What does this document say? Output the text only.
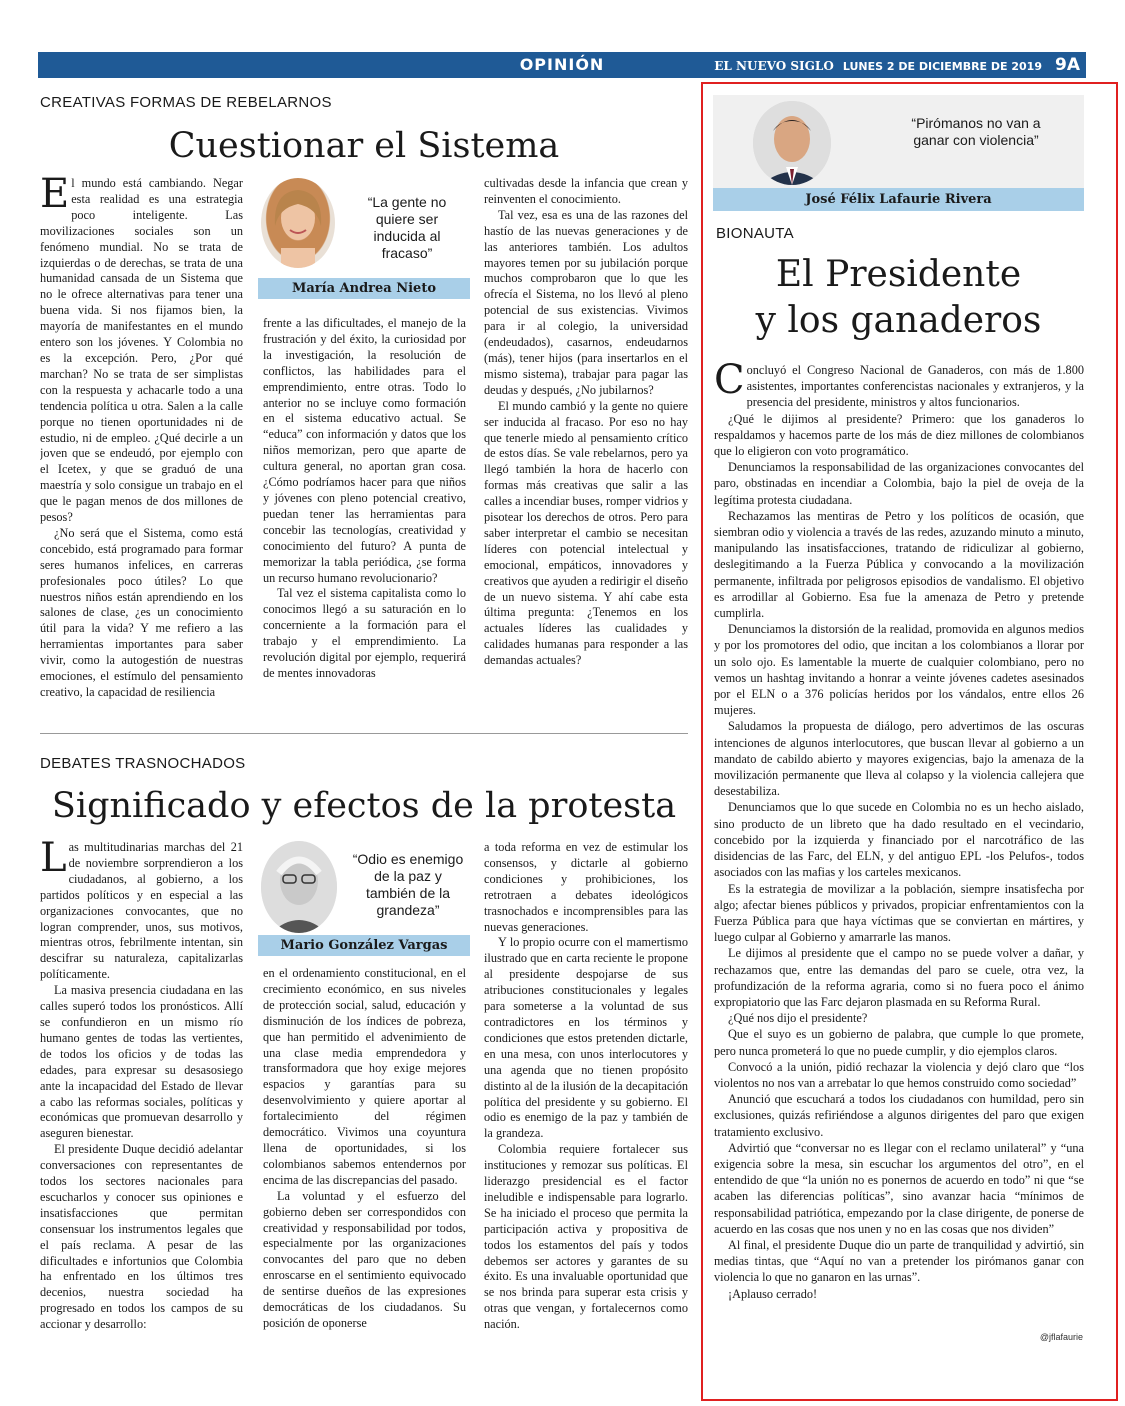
OPINIÓN	EL NUEVO SIGLO LUNES 2 DE DICIEMBRE DE 2019 9A
CREATIVAS FORMAS DE REBELARNOS
Cuestionar el Sistema
E l mundo está cambiando. Negar esta realidad es una estrategia poco inteligente. Las movilizaciones sociales son un fenómeno mundial. No se trata de izquierdas o de derechas, se trata de una humanidad cansada de un Sistema que no le ofrece alternativas para tener una buena vida. Si nos fijamos bien, la mayoría de manifestantes en el mundo entero son los jóvenes. Y Colombia no es la excepción. Pero, ¿Por qué marchan? No se trata de ser simplistas con la respuesta y achacarle todo a una tendencia política u otra. Salen a la calle porque no tienen oportunidades ni de estudio, ni de empleo. ¿Qué decirle a un joven que se endeudó, por ejemplo con el Icetex, y que se graduó de una maestría y solo consigue un trabajo en el que le pagan menos de dos millones de pesos?

¿No será que el Sistema, como está concebido, está programado para formar seres humanos infelices, en carreras profesionales poco útiles? Lo que nuestros niños están aprendiendo en los salones de clase, ¿es un conocimiento útil para la vida? Y me refiero a las herramientas importantes para saber vivir, como la autogestión de nuestras emociones, el estímulo del pensamiento creativo, la capacidad de resiliencia

“La gente no quiere ser inducida al fracaso”
María Andrea Nieto

frente a las dificultades, el manejo de la frustración y del éxito, la curiosidad por la investigación, la resolución de conflictos, las habilidades para el emprendimiento, entre otras. Todo lo anterior no se incluye como formación en el sistema educativo actual. Se “educa” con información y datos que los niños memorizan, pero que aparte de cultura general, no aportan gran cosa. ¿Cómo podríamos hacer para que niños y jóvenes con pleno potencial creativo, puedan tener las herramientas para concebir las tecnologías, creatividad y conocimiento del futuro? A punta de memorizar la tabla periódica, ¿se forma un recurso humano revolucionario?

Tal vez el sistema capitalista como lo conocimos llegó a su saturación en lo concerniente a la formación para el trabajo y el emprendimiento. La revolución digital por ejemplo, requerirá de mentes innovadoras

cultivadas desde la infancia que crean y reinventen el conocimiento.

Tal vez, esa es una de las razones del hastío de las nuevas generaciones y de las anteriores también. Los adultos mayores temen por su jubilación porque muchos comprobaron que lo que les ofrecía el Sistema, no los llevó al pleno potencial de sus existencias. Vivimos para ir al colegio, la universidad (endeudados), casarnos, endeudarnos (más), tener hijos (para insertarlos en el mismo sistema), trabajar para pagar las deudas y después, ¿No jubilarnos?

El mundo cambió y la gente no quiere ser inducida al fracaso. Por eso no hay que tenerle miedo al pensamiento crítico de estos días. Se vale rebelarnos, pero ya llegó también la hora de hacerlo con formas más creativas que salir a las calles a incendiar buses, romper vidrios y pisotear los derechos de otros. Pero para saber interpretar el cambio se necesitan líderes con potencial intelectual y emocional, empáticos, innovadores y creativos que ayuden a redirigir el diseño de un nuevo sistema. Y ahí cabe esta última pregunta: ¿Tenemos en los actuales líderes las cualidades y calidades humanas para responder a las demandas actuales?

DEBATES TRASNOCHADOS
Significado y efectos de la protesta
L as multitudinarias marchas del 21 de noviembre sorprendieron a los ciudadanos, al gobierno, a los partidos políticos y en especial a las organizaciones convocantes, que no logran comprender, unos, sus motivos, mientras otros, febrilmente intentan, sin descifrar su naturaleza, capitalizarlas políticamente.

La masiva presencia ciudadana en las calles superó todos los pronósticos. Allí se confundieron en un mismo río humano gentes de todas las vertientes, de todos los oficios y de todas las edades, para expresar su desasosiego ante la incapacidad del Estado de llevar a cabo las reformas sociales, políticas y económicas que promuevan desarrollo y aseguren bienestar.

El presidente Duque decidió adelantar conversaciones con representantes de todos los sectores nacionales para escucharlos y conocer sus opiniones e insatisfacciones que permitan consensuar los instrumentos legales que el país reclama. A pesar de las dificultades e infortunios que Colombia ha enfrentado en los últimos tres decenios, nuestra sociedad ha progresado en todos los campos de su accionar y desarrollo:

“Odio es enemigo de la paz y también de la grandeza”
Mario González Vargas

en el ordenamiento constitucional, en el crecimiento económico, en sus niveles de protección social, salud, educación y disminución de los índices de pobreza, que han permitido el advenimiento de una clase media emprendedora y transformadora que hoy exige mejores espacios y garantías para su desenvolvimiento y quiere aportar al fortalecimiento del régimen democrático. Vivimos una coyuntura llena de oportunidades, si los colombianos sabemos entendernos por encima de las discrepancias del pasado.

La voluntad y el esfuerzo del gobierno deben ser correspondidos con creatividad y responsabilidad por todos, especialmente por las organizaciones convocantes del paro que no deben enroscarse en el sentimiento equivocado de sentirse dueños de las expresiones democráticas de los ciudadanos. Su posición de oponerse

a toda reforma en vez de estimular los consensos, y dictarle al gobierno condiciones y prohibiciones, los retrotraen a debates ideológicos trasnochados e incomprensibles para las nuevas generaciones.

Y lo propio ocurre con el mamertismo ilustrado que en carta reciente le propone al presidente despojarse de sus atribuciones constitucionales y legales para someterse a la voluntad de sus contradictores en los términos y condiciones que estos pretenden dictarle, en una mesa, con unos interlocutores y una agenda que no tienen propósito distinto al de la ilusión de la decapitación política del presidente y su gobierno. El odio es enemigo de la paz y también de la grandeza.

Colombia requiere fortalecer sus instituciones y remozar sus políticas. El liderazgo presidencial es el factor ineludible e indispensable para lograrlo. Se ha iniciado el proceso que permita la participación activa y propositiva de todos los estamentos del país y todos debemos ser actores y garantes de su éxito. Es una invaluable oportunidad que se nos brinda para superar esta crisis y otras que vengan, y fortalecernos como nación.

“Pirómanos no van a ganar con violencia”
José Félix Lafaurie Rivera
BIONAUTA
El Presidente
y los ganaderos
C oncluyó el Congreso Nacional de Ganaderos, con más de 1.800 asistentes, importantes conferencistas nacionales y extranjeros, y la presencia del presidente, ministros y altos funcionarios.

¿Qué le dijimos al presidente? Primero: que los ganaderos lo respaldamos y hacemos parte de los más de diez millones de colombianos que lo eligieron con voto programático.

Denunciamos la responsabilidad de las organizaciones convocantes del paro, obstinadas en incendiar a Colombia, bajo la piel de oveja de la legítima protesta ciudadana.

Rechazamos las mentiras de Petro y los políticos de ocasión, que siembran odio y violencia a través de las redes, azuzando minuto a minuto, manipulando las insatisfacciones, tratando de ridiculizar al gobierno, deslegitimando a la Fuerza Pública y convocando a la movilización permanente, infiltrada por peligrosos episodios de vandalismo. El objetivo es arrodillar al Gobierno. Esa fue la amenaza de Petro y pretende cumplirla.

Denunciamos la distorsión de la realidad, promovida en algunos medios y por los promotores del odio, que incitan a los colombianos a llorar por un solo ojo. Es lamentable la muerte de cualquier colombiano, pero no vemos un hashtag invitando a honrar a veinte jóvenes cadetes asesinados por el ELN o a 376 policías heridos por los vándalos, entre ellos 26 mujeres.

Saludamos la propuesta de diálogo, pero advertimos de las oscuras intenciones de algunos interlocutores, que buscan llevar al gobierno a un mandato de cabildo abierto y mayores exigencias, bajo la amenaza de la movilización permanente que lleva al colapso y la violencia callejera que desestabiliza.

Denunciamos que lo que sucede en Colombia no es un hecho aislado, sino producto de un libreto que ha dado resultado en el vecindario, concebido por la izquierda y financiado por el narcotráfico de las disidencias de las Farc, del ELN, y del antiguo EPL -los Pelufos-, todos asociados con las mafias y los carteles mexicanos.

Es la estrategia de movilizar a la población, siempre insatisfecha por algo; afectar bienes públicos y privados, propiciar enfrentamientos con la Fuerza Pública para que haya víctimas que se conviertan en mártires, y luego culpar al Gobierno y amarrarle las manos.

Le dijimos al presidente que el campo no se puede volver a dañar, y rechazamos que, entre las demandas del paro se cuele, otra vez, la profundización de la reforma agraria, como si no fuera poco el ánimo expropiatorio que las Farc dejaron plasmada en su Reforma Rural.

¿Qué nos dijo el presidente?

Que el suyo es un gobierno de palabra, que cumple lo que promete, pero nunca prometerá lo que no puede cumplir, y dio ejemplos claros.

Convocó a la unión, pidió rechazar la violencia y dejó claro que “los violentos no nos van a arrebatar lo que hemos construido como sociedad”

Anunció que escuchará a todos los ciudadanos con humildad, pero sin exclusiones, quizás refiriéndose a algunos dirigentes del paro que exigen tratamiento exclusivo.

Advirtió que “conversar no es llegar con el reclamo unilateral” y “una exigencia sobre la mesa, sin escuchar los argumentos del otro”, en el entendido de que “la unión no es ponernos de acuerdo en todo” ni que “se acaben las diferencias políticas”, sino avanzar hacia “mínimos de responsabilidad patriótica, empezando por la clase dirigente, de ponerse de acuerdo en las cosas que nos unen y no en las cosas que nos dividen”

Al final, el presidente Duque dio un parte de tranquilidad y advirtió, sin medias tintas, que “Aquí no van a pretender los pirómanos ganar con violencia lo que no ganaron en las urnas”.

¡Aplauso cerrado!

@jflafaurie
